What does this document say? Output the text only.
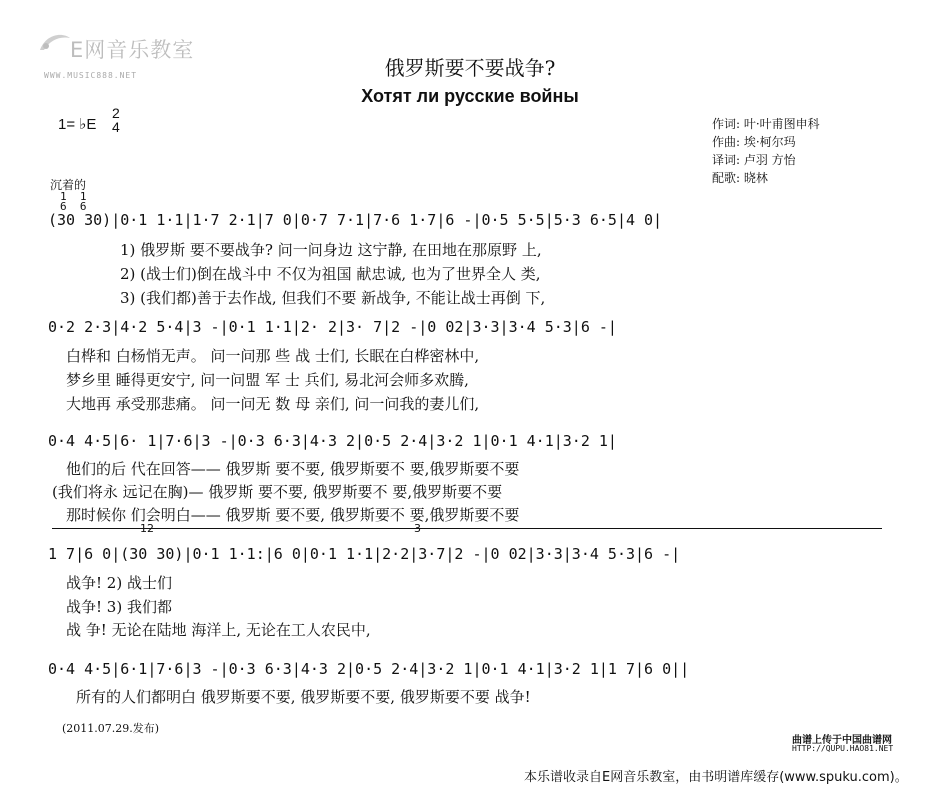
E网音乐教室
WWW.MUSIC888.NET	俄罗斯要不要战争?
Хотят ли русские войны
1= ♭E
2
4	作词: 叶·叶甫图申科
作曲: 埃·柯尔玛
译词: 卢羽 方怡
配歌: 晓林
沉着的
1  1
6  6
(30 30)|0·1 1·1|1·7 2·1|7 0|0·7 7·1|7·6 1·7|6 -|0·5 5·5|5·3 6·5|4 0|
1) 俄罗斯 要不要战争? 问一问身边 这宁静, 在田地在那原野 上,
2) (战士们)倒在战斗中 不仅为祖国 献忠诚, 也为了世界全人 类,
3) (我们都)善于去作战, 但我们不要 新战争, 不能让战士再倒 下,
0·2 2·3|4·2 5·4|3 -|0·1 1·1|2· 2|3· 7|2 -|0 02|3·3|3·4 5·3|6 -|
白桦和 白杨悄无声。 问一问那 些 战 士们, 长眠在白桦密林中,
梦乡里 睡得更安宁, 问一问盟 军 士 兵们, 易北河会师多欢腾,
大地再 承受那悲痛。 问一问无 数 母 亲们, 问一问我的妻儿们,
0·4 4·5|6· 1|7·6|3 -|0·3 6·3|4·3 2|0·5 2·4|3·2 1|0·1 4·1|3·2 1|
他们的后 代在回答—— 俄罗斯 要不要, 俄罗斯要不 要,俄罗斯要不要
(我们将永 远记在胸)— 俄罗斯 要不要, 俄罗斯要不 要,俄罗斯要不要
那时候你 们会明白—— 俄罗斯 要不要, 俄罗斯要不 要,俄罗斯要不要
12	3
1 7|6 0|(30 30)|0·1 1·1:|6 0|0·1 1·1|2·2|3·7|2 -|0 02|3·3|3·4 5·3|6 -|
战争! 2) 战士们
战争! 3) 我们都
战 争! 无论在陆地 海洋上, 无论在工人农民中,
0·4 4·5|6·1|7·6|3 -|0·3 6·3|4·3 2|0·5 2·4|3·2 1|0·1 4·1|3·2 1|1 7|6 0||
所有的人们都明白 俄罗斯要不要, 俄罗斯要不要, 俄罗斯要不要 战争!
(2011.07.29.发布)
曲谱上传于中国曲谱网
HTTP://QUPU.HAO81.NET
本乐谱收录自E网音乐教室，由书明谱库缓存(www.spuku.com)。
